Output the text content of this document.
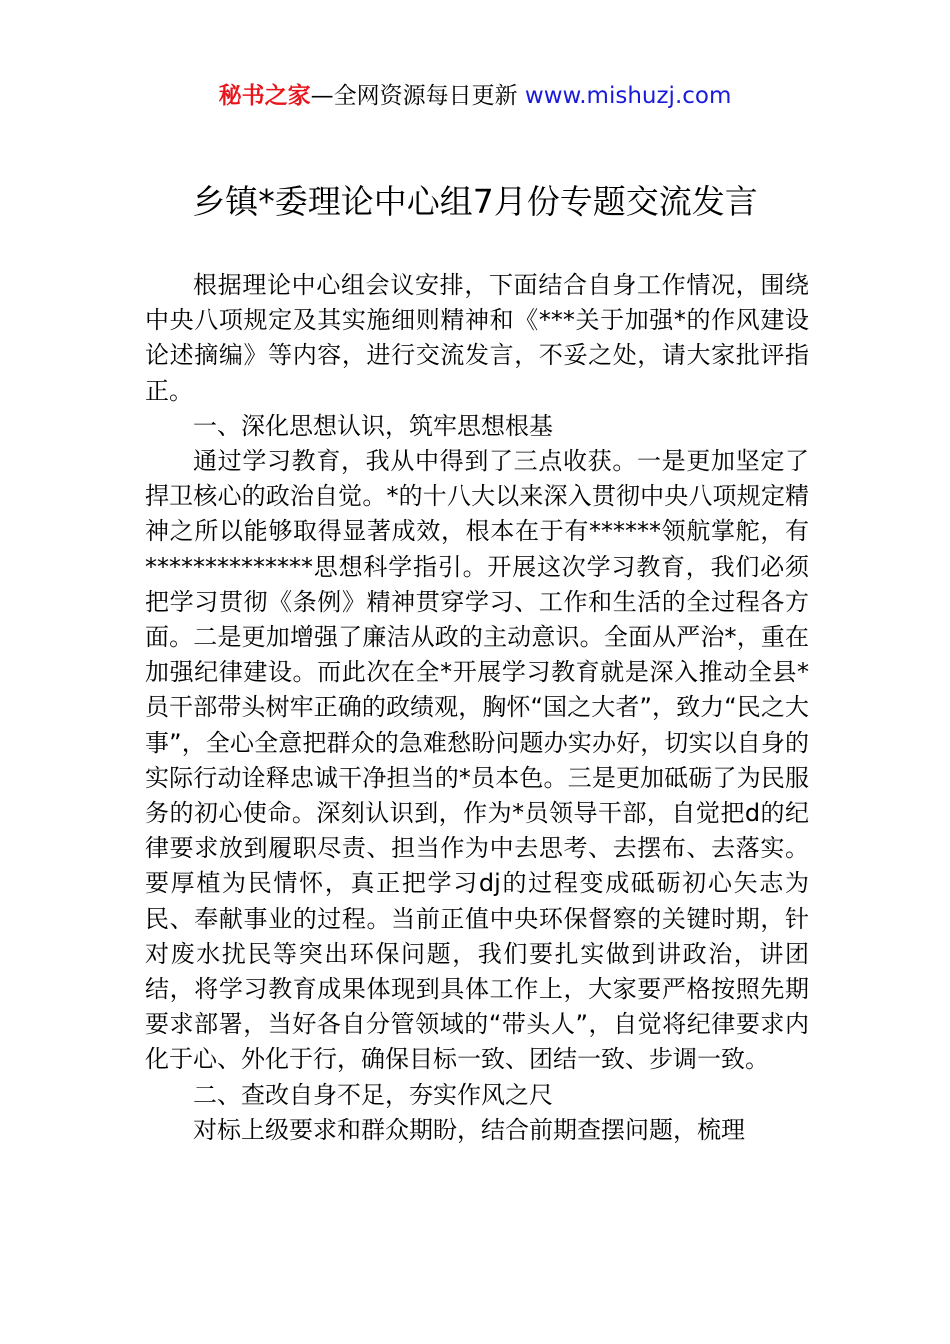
秘书之家—全网资源每日更新 www.mishuzj.com
乡镇*委理论中心组7月份专题交流发言

根据理论中心组会议安排，下面结合自身工作情况，围绕中央八项规定及其实施细则精神和《***关于加强*的作风建设论述摘编》等内容，进行交流发言，不妥之处，请大家批评指正。

一、深化思想认识，筑牢思想根基

通过学习教育，我从中得到了三点收获。一是更加坚定了捍卫核心的政治自觉。*的十八大以来深入贯彻中央八项规定精神之所以能够取得显著成效，根本在于有******领航掌舵，有**************思想科学指引。开展这次学习教育，我们必须把学习贯彻《条例》精神贯穿学习、工作和生活的全过程各方面。二是更加增强了廉洁从政的主动意识。全面从严治*，重在加强纪律建设。而此次在全*开展学习教育就是深入推动全县*员干部带头树牢正确的政绩观，胸怀“国之大者”，致力“民之大事”，全心全意把群众的急难愁盼问题办实办好，切实以自身的实际行动诠释忠诚干净担当的*员本色。三是更加砥砺了为民服务的初心使命。深刻认识到，作为*员领导干部，自觉把d的纪律要求放到履职尽责、担当作为中去思考、去摆布、去落实。要厚植为民情怀，真正把学习dj的过程变成砥砺初心矢志为民、奉献事业的过程。当前正值中央环保督察的关键时期，针对废水扰民等突出环保问题，我们要扎实做到讲政治，讲团结，将学习教育成果体现到具体工作上，大家要严格按照先期要求部署，当好各自分管领域的“带头人”，自觉将纪律要求内化于心、外化于行，确保目标一致、团结一致、步调一致。

二、查改自身不足，夯实作风之尺

对标上级要求和群众期盼，结合前期查摆问题，梳理
